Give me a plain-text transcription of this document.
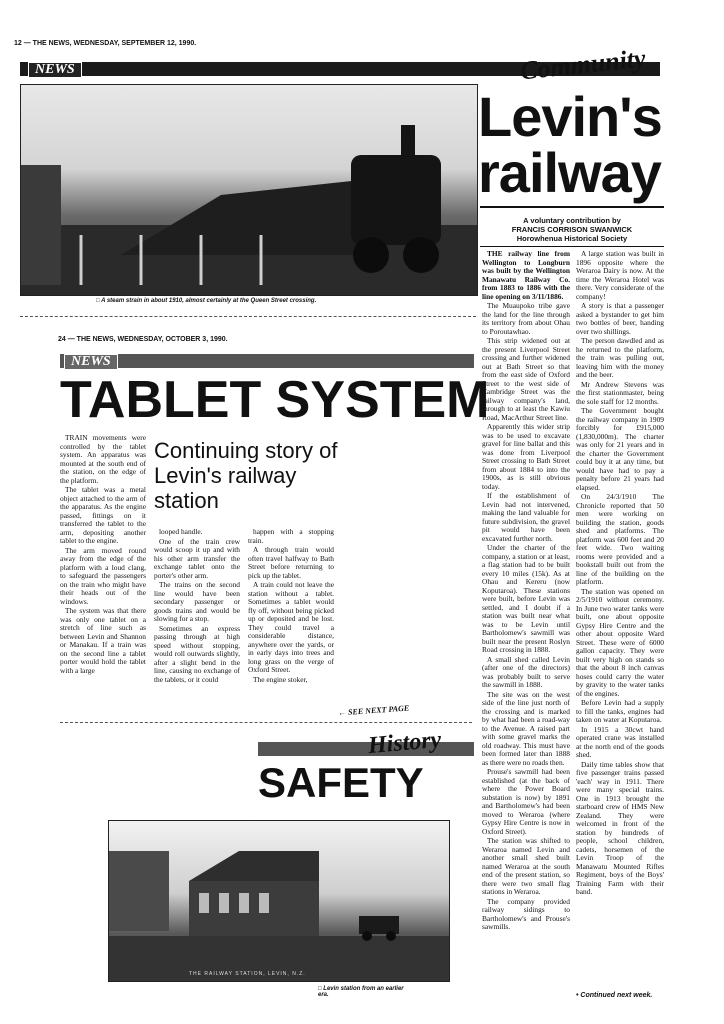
12 — THE NEWS, WEDNESDAY, SEPTEMBER 12, 1990.
NEWS	Community
□ A steam strain in about 1910, almost certainly at the Queen Street crossing.
Levin's
railway
A voluntary contribution by
FRANCIS CORRISON SWANWICK
Horowhenua Historical Society

THE railway line from Wellington to Longburn was built by the Wellington Manawatu Railway Co. from 1883 to 1886 with the line opening on 3/11/1886.

The Muaupoko tribe gave the land for the line through its territory from about Ohau to Poroutawhao.

This strip widened out at the present Liverpool Street crossing and further widened out at Bath Street so that from the east side of Oxford Street to the west side of Cambridge Street was the railway company's land, through to at least the Kawiu Road, MacArthur Street line.

Apparently this wider strip was to be used to excavate gravel for line ballat and this was done from Liverpool Street crossing to Bath Street from about 1884 to into the 1900s, as is still obvious today.

If the establishment of Levin had not intervened, making the land valuable for future subdivision, the gravel pit would have been excavated further north.

Under the charter of the company, a station or at least, a flag station had to be built every 10 miles (15k). As at Ohau and Kereru (now Koputaroa). These stations were built, before Levin was settled, and I doubt if a station was built near what was to be Levin until Bartholomew's sawmill was built near the present Roslyn Road crossing in 1888.

A small shed called Levin (after one of the directors) was probably built to serve the sawmill in 1888.

The site was on the west side of the line just north of the crossing and is marked by what had been a road-way to the Avenue. A raised part with some gravel marks the old roadway. This must have been formed later than 1888 as there were no roads then.

Prouse's sawmill had been established (at the back of where the Power Board substation is now) by 1891 and Bartholomew's had been moved to Weraroa (where Gypsy Hire Centre is now in Oxford Street).

The station was shifted to Weraroa named Levin and another small shed built named Weraroa at the south end of the present station, so there were two small flag stations in Weraroa.

The company provided railway sidings to Bartholomew's and Prouse's sawmills.

A large station was built in 1896 opposite where the Weraroa Dairy is now. At the time the Weraroa Hotel was there. Very considerate of the company!

A story is that a passenger asked a bystander to get him two bottles of beer, handing over two shillings.

The person dawdled and as he returned to the platform, the train was pulling out, leaving him with the money and the beer.

Mr Andrew Stevens was the first stationmaster, being the sole staff for 12 months.

The Government bought the railway company in 1909 forcibly for £915,000 (1,830,000m). The charter was only for 21 years and in the charter the Government could buy it at any time, but would have had to pay a penalty before 21 years had elapsed.

On 24/3/1910 The Chronicle reported that 50 men were working on building the station, goods shed and platforms. The platform was 600 feet and 20 feet wide. Two waiting rooms were provided and a bookstall built out from the line of the building on the platform.

The station was opened on 2/5/1910 without ceremony. In June two water tanks were built, one about opposite Gypsy Hire Centre and the other about opposite Ward Street. These were of 6000 gallon capacity. They were built very high on stands so that the about 8 inch canvas hoses could carry the water by gravity to the water tanks of the engines.

Before Levin had a supply to fill the tanks, engines had taken on water at Koputaroa.

In 1915 a 30cwt hand operated crane was installed at the north end of the goods shed.

Daily time tables show that five passenger trains passed 'each' way in 1911. There were many special trains. One in 1913 brought the starboard crew of HMS New Zealand. They were welcomed in front of the station by hundreds of people, school children, cadets, horsemen of the Levin Troop of the Manawatu Mounted Rifles Regiment, boys of the Boys' Training Farm with their band.

• Continued next week.
24 — THE NEWS, WEDNESDAY, OCTOBER 3, 1990.
NEWS
TABLET SYSTEM

TRAIN movements were controlled by the tablet system. An apparatus was mounted at the south end of the station, on the edge of the platform.

The tablet was a metal object attached to the arm of the apparatus. As the engine passed, fittings on it transferred the tablet to the arm, depositing another tablet to the engine.

The arm moved round away from the edge of the platform with a loud clang, to safeguard the passengers on the train who might have their heads out of the windows.

The system was that there was only one tablet on a stretch of line such as between Levin and Shannon or Manakau. If a train was on the second line a tablet porter would hold the tablet with a large

Continuing story of Levin's railway station

looped handle.

One of the train crew would scoop it up and with his other arm transfer the exchange tablet onto the porter's other arm.

The trains on the second line would have been secondary passenger or goods trains and would be slowing for a stop.

Sometimes an express passing through at high speed without stopping, would roll outwards slightly, after a slight bend in the line, causing no exchange of the tablets, or it could

happen with a stopping train.

A through train would often travel halfway to Bath Street before returning to pick up the tablet.

A train could not leave the station without a tablet. Sometimes a tablet would fly off, without being picked up or deposited and be lost. They could travel a considerable distance, anywhere over the yards, or in early days into trees and long grass on the verge of Oxford Street.

The engine stoker,

← SEE NEXT PAGE
History
SAFETY
THE RAILWAY STATION, LEVIN, N.Z.
□ Levin station from an earlier era.
